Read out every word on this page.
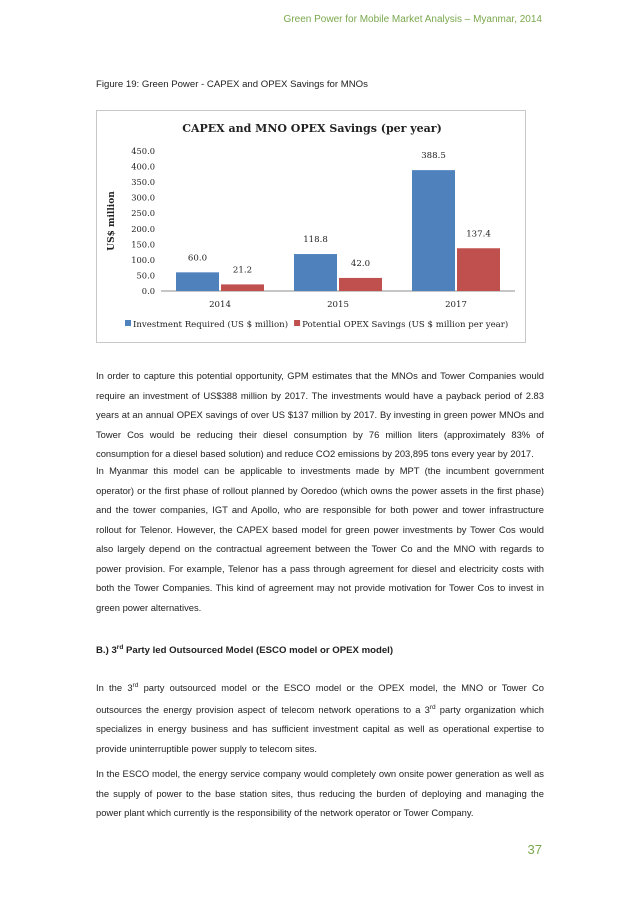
Green Power for Mobile Market Analysis – Myanmar, 2014
Figure 19: Green Power - CAPEX and OPEX Savings for MNOs
CAPEX and MNO OPEX Savings (per year)
US$ million
450.0
400.0
350.0
300.0
250.0
200.0
150.0
100.0
50.0
0.0
60.0
21.2
2014
118.8
42.0
2015
388.5
137.4
2017
Investment Required (US $ million) Potential OPEX Savings (US $ million per year)

In order to capture this potential opportunity, GPM estimates that the MNOs and Tower Companies would require an investment of US$388 million by 2017. The investments would have a payback period of 2.83 years at an annual OPEX savings of over US $137 million by 2017. By investing in green power MNOs and Tower Cos would be reducing their diesel consumption by 76 million liters (approximately 83% of consumption for a diesel based solution) and reduce CO2 emissions by 203,895 tons every year by 2017.

In Myanmar this model can be applicable to investments made by MPT (the incumbent government operator) or the first phase of rollout planned by Ooredoo (which owns the power assets in the first phase) and the tower companies, IGT and Apollo, who are responsible for both power and tower infrastructure rollout for Telenor. However, the CAPEX based model for green power investments by Tower Cos would also largely depend on the contractual agreement between the Tower Co and the MNO with regards to power provision. For example, Telenor has a pass through agreement for diesel and electricity costs with both the Tower Companies. This kind of agreement may not provide motivation for Tower Cos to invest in green power alternatives.

B.) 3rd Party led Outsourced Model (ESCO model or OPEX model)

In the 3rd party outsourced model or the ESCO model or the OPEX model, the MNO or Tower Co outsources the energy provision aspect of telecom network operations to a 3rd party organization which specializes in energy business and has sufficient investment capital as well as operational expertise to provide uninterruptible power supply to telecom sites.

In the ESCO model, the energy service company would completely own onsite power generation as well as the supply of power to the base station sites, thus reducing the burden of deploying and managing the power plant which currently is the responsibility of the network operator or Tower Company.

37
